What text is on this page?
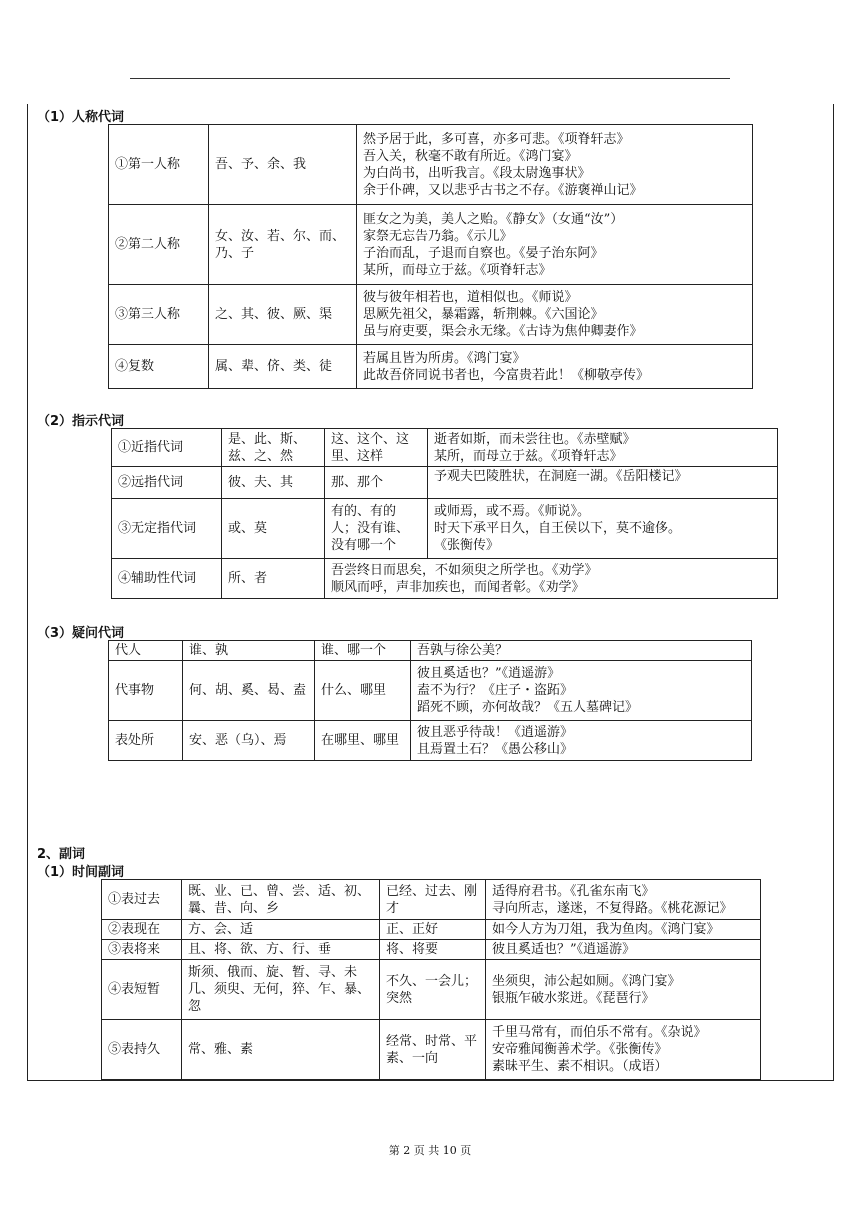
（1）人称代词
①第一人称	吾、予、余、我	然予居于此，多可喜，亦多可悲。《项脊轩志》
吾入关，秋毫不敢有所近。《鸿门宴》
为白尚书，出听我言。《段太尉逸事状》
余于仆碑，又以悲乎古书之不存。《游褒禅山记》

②第二人称	女、汝、若、尔、而、乃、子	匪女之为美，美人之贻。《静女》（女通“汝”）
家祭无忘告乃翁。《示儿》
子治而乱，子退而自察也。《晏子治东阿》
某所，而母立于兹。《项脊轩志》

③第三人称	之、其、彼、厥、渠	彼与彼年相若也，道相似也。《师说》
思厥先祖父，暴霜露，斩荆棘。《六国论》
虽与府吏要，渠会永无缘。《古诗为焦仲卿妻作》

④复数	属、辈、侪、类、徒	若属且皆为所虏。《鸿门宴》
此故吾侪同说书者也，今富贵若此！《柳敬亭传》
（2）指示代词
①近指代词	是、此、斯、兹、之、然	这、这个、这里、这样	逝者如斯，而未尝往也。《赤壁赋》
某所，而母立于兹。《项脊轩志》

②远指代词	彼、夫、其	那、那个	予观夫巴陵胜状，在洞庭一湖。《岳阳楼记》

③无定指代词	或、莫	有的、有的人；没有谁、没有哪一个	或师焉，或不焉。《师说》。
时天下承平日久，自王侯以下，莫不逾侈。
《张衡传》

④辅助性代词	所、者	吾尝终日而思矣，不如须臾之所学也。《劝学》
顺风而呼，声非加疾也，而闻者彰。《劝学》	
（3）疑问代词
代人	谁、孰	谁、哪一个	吾孰与徐公美？

代事物	何、胡、奚、曷、盍	什么、哪里	彼且奚适也？”《逍遥游》
盍不为行？《庄子・盗跖》
蹈死不顾，亦何故哉？《五人墓碑记》

表处所	安、恶（乌）、焉	在哪里、哪里	彼且恶乎待哉！《逍遥游》
且焉置土石？《愚公移山》
2、副词
（1）时间副词
①表过去	既、业、已、曾、尝、适、初、曩、昔、向、乡	已经、过去、刚才	适得府君书。《孔雀东南飞》
寻向所志，遂迷，不复得路。《桃花源记》

②表现在	方、会、适	正、正好	如今人方为刀俎，我为鱼肉。《鸿门宴》

③表将来	且、将、欲、方、行、垂	将、将要	彼且奚适也？”《逍遥游》

④表短暂	斯须、俄而、旋、暂、寻、未几、须臾、无何，猝、乍、暴、忽	不久、一会儿；突然	坐须臾，沛公起如厕。《鸿门宴》
银瓶乍破水浆迸。《琵琶行》

⑤表持久	常、雅、素	经常、时常、平素、一向	千里马常有，而伯乐不常有。《杂说》
安帝雅闻衡善术学。《张衡传》
素昧平生、素不相识。（成语）
第 2 页 共 10 页
